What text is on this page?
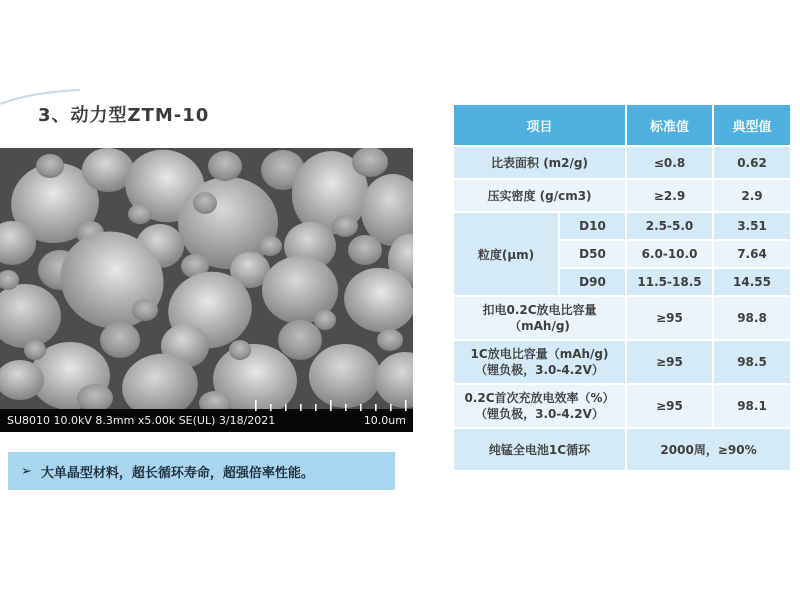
3、动力型ZTM-10
SU8010 10.0kV 8.3mm x5.00k SE(UL) 3/18/2021	10.0um
项目		标准值	典型值
比表面积 (m2/g)		≤0.8	0.62
压实密度 (g/cm3)		≥2.9	2.9
粒度(μm)	D10	2.5-5.0	3.51
	D50	6.0-10.0	7.64
	D90	11.5-18.5	14.55

扣电0.2C放电比容量
（mAh/g)		≥95	98.8

1C放电比容量（mAh/g)
（锂负极，3.0-4.2V）		≥95	98.5

0.2C首次充放电效率（%）
（锂负极，3.0-4.2V）		≥95	98.1
纯锰全电池1C循环		2000周，≥90%	
➢ 大单晶型材料，超长循环寿命，超强倍率性能。
